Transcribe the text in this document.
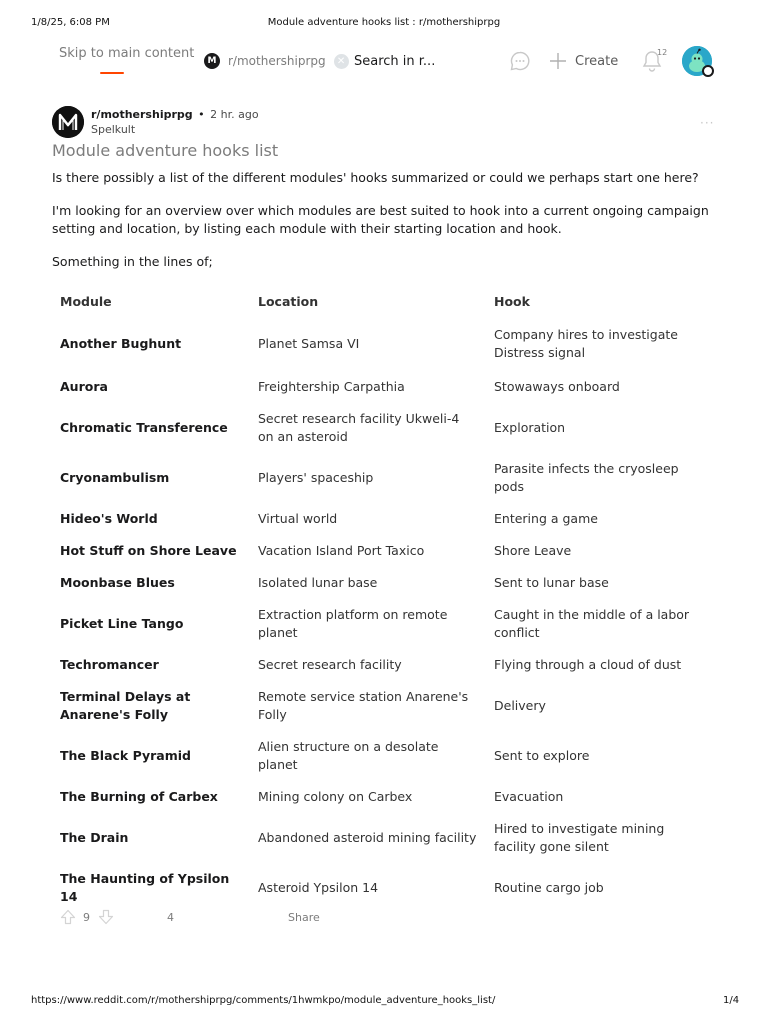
1/8/25, 6:08 PM	Module adventure hooks list : r/mothershiprpg
Skip to main content	M r/mothershiprpg	✕
Search in r...	Create
12
r/mothershiprpg • 2 hr. ago
Spelkult	···
Module adventure hooks list

Is there possibly a list of the different modules' hooks summarized or could we perhaps start one here?

I'm looking for an overview over which modules are best suited to hook into a current ongoing campaign setting and location, by listing each module with their starting location and hook.

Something in the lines of;

Module	Location	Hook
Another Bughunt	Planet Samsa VI	Company hires to investigate Distress signal
Aurora	Freightership Carpathia	Stowaways onboard
Chromatic Transference	Secret research facility Ukweli-4 on an asteroid	Exploration
Cryonambulism	Players' spaceship	Parasite infects the cryosleep pods
Hideo's World	Virtual world	Entering a game
Hot Stuff on Shore Leave	Vacation Island Port Taxico	Shore Leave
Moonbase Blues	Isolated lunar base	Sent to lunar base
Picket Line Tango	Extraction platform on remote planet	Caught in the middle of a labor conflict
Techromancer	Secret research facility	Flying through a cloud of dust
Terminal Delays at Anarene's Folly	Remote service station Anarene's Folly	Delivery
The Black Pyramid	Alien structure on a desolate planet	Sent to explore
The Burning of Carbex	Mining colony on Carbex	Evacuation
The Drain	Abandoned asteroid mining facility	Hired to investigate mining facility gone silent
The Haunting of Ypsilon 14	Asteroid Ypsilon 14	Routine cargo job
9	4	Share
https://www.reddit.com/r/mothershiprpg/comments/1hwmkpo/module_adventure_hooks_list/	1/4
